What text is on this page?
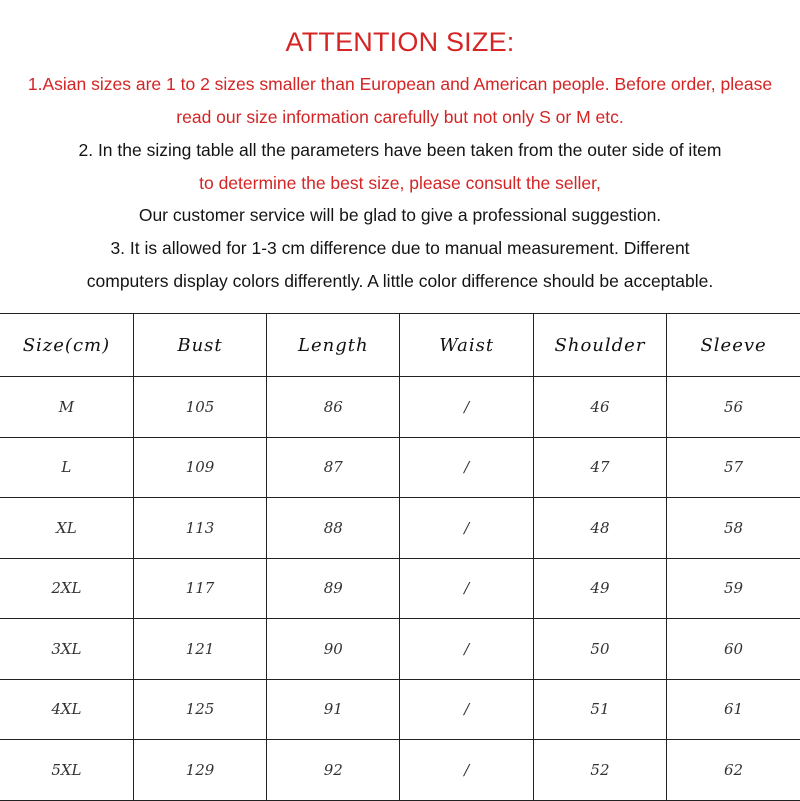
ATTENTION SIZE:
1.Asian sizes are 1 to 2 sizes smaller than European and American people. Before order, please
read our size information carefully but not only S or M etc.
2. In the sizing table all the parameters have been taken from the outer side of item
to determine the best size, please consult the seller,
Our customer service will be glad to give a professional suggestion.
3. It is allowed for 1-3 cm difference due to manual measurement. Different
computers display colors differently. A little color difference should be acceptable.
Size(cm)	Bust	Length	Waist	Shoulder	Sleeve
M	105	86	/	46	56
L	109	87	/	47	57
XL	113	88	/	48	58
2XL	117	89	/	49	59
3XL	121	90	/	50	60
4XL	125	91	/	51	61
5XL	129	92	/	52	62
